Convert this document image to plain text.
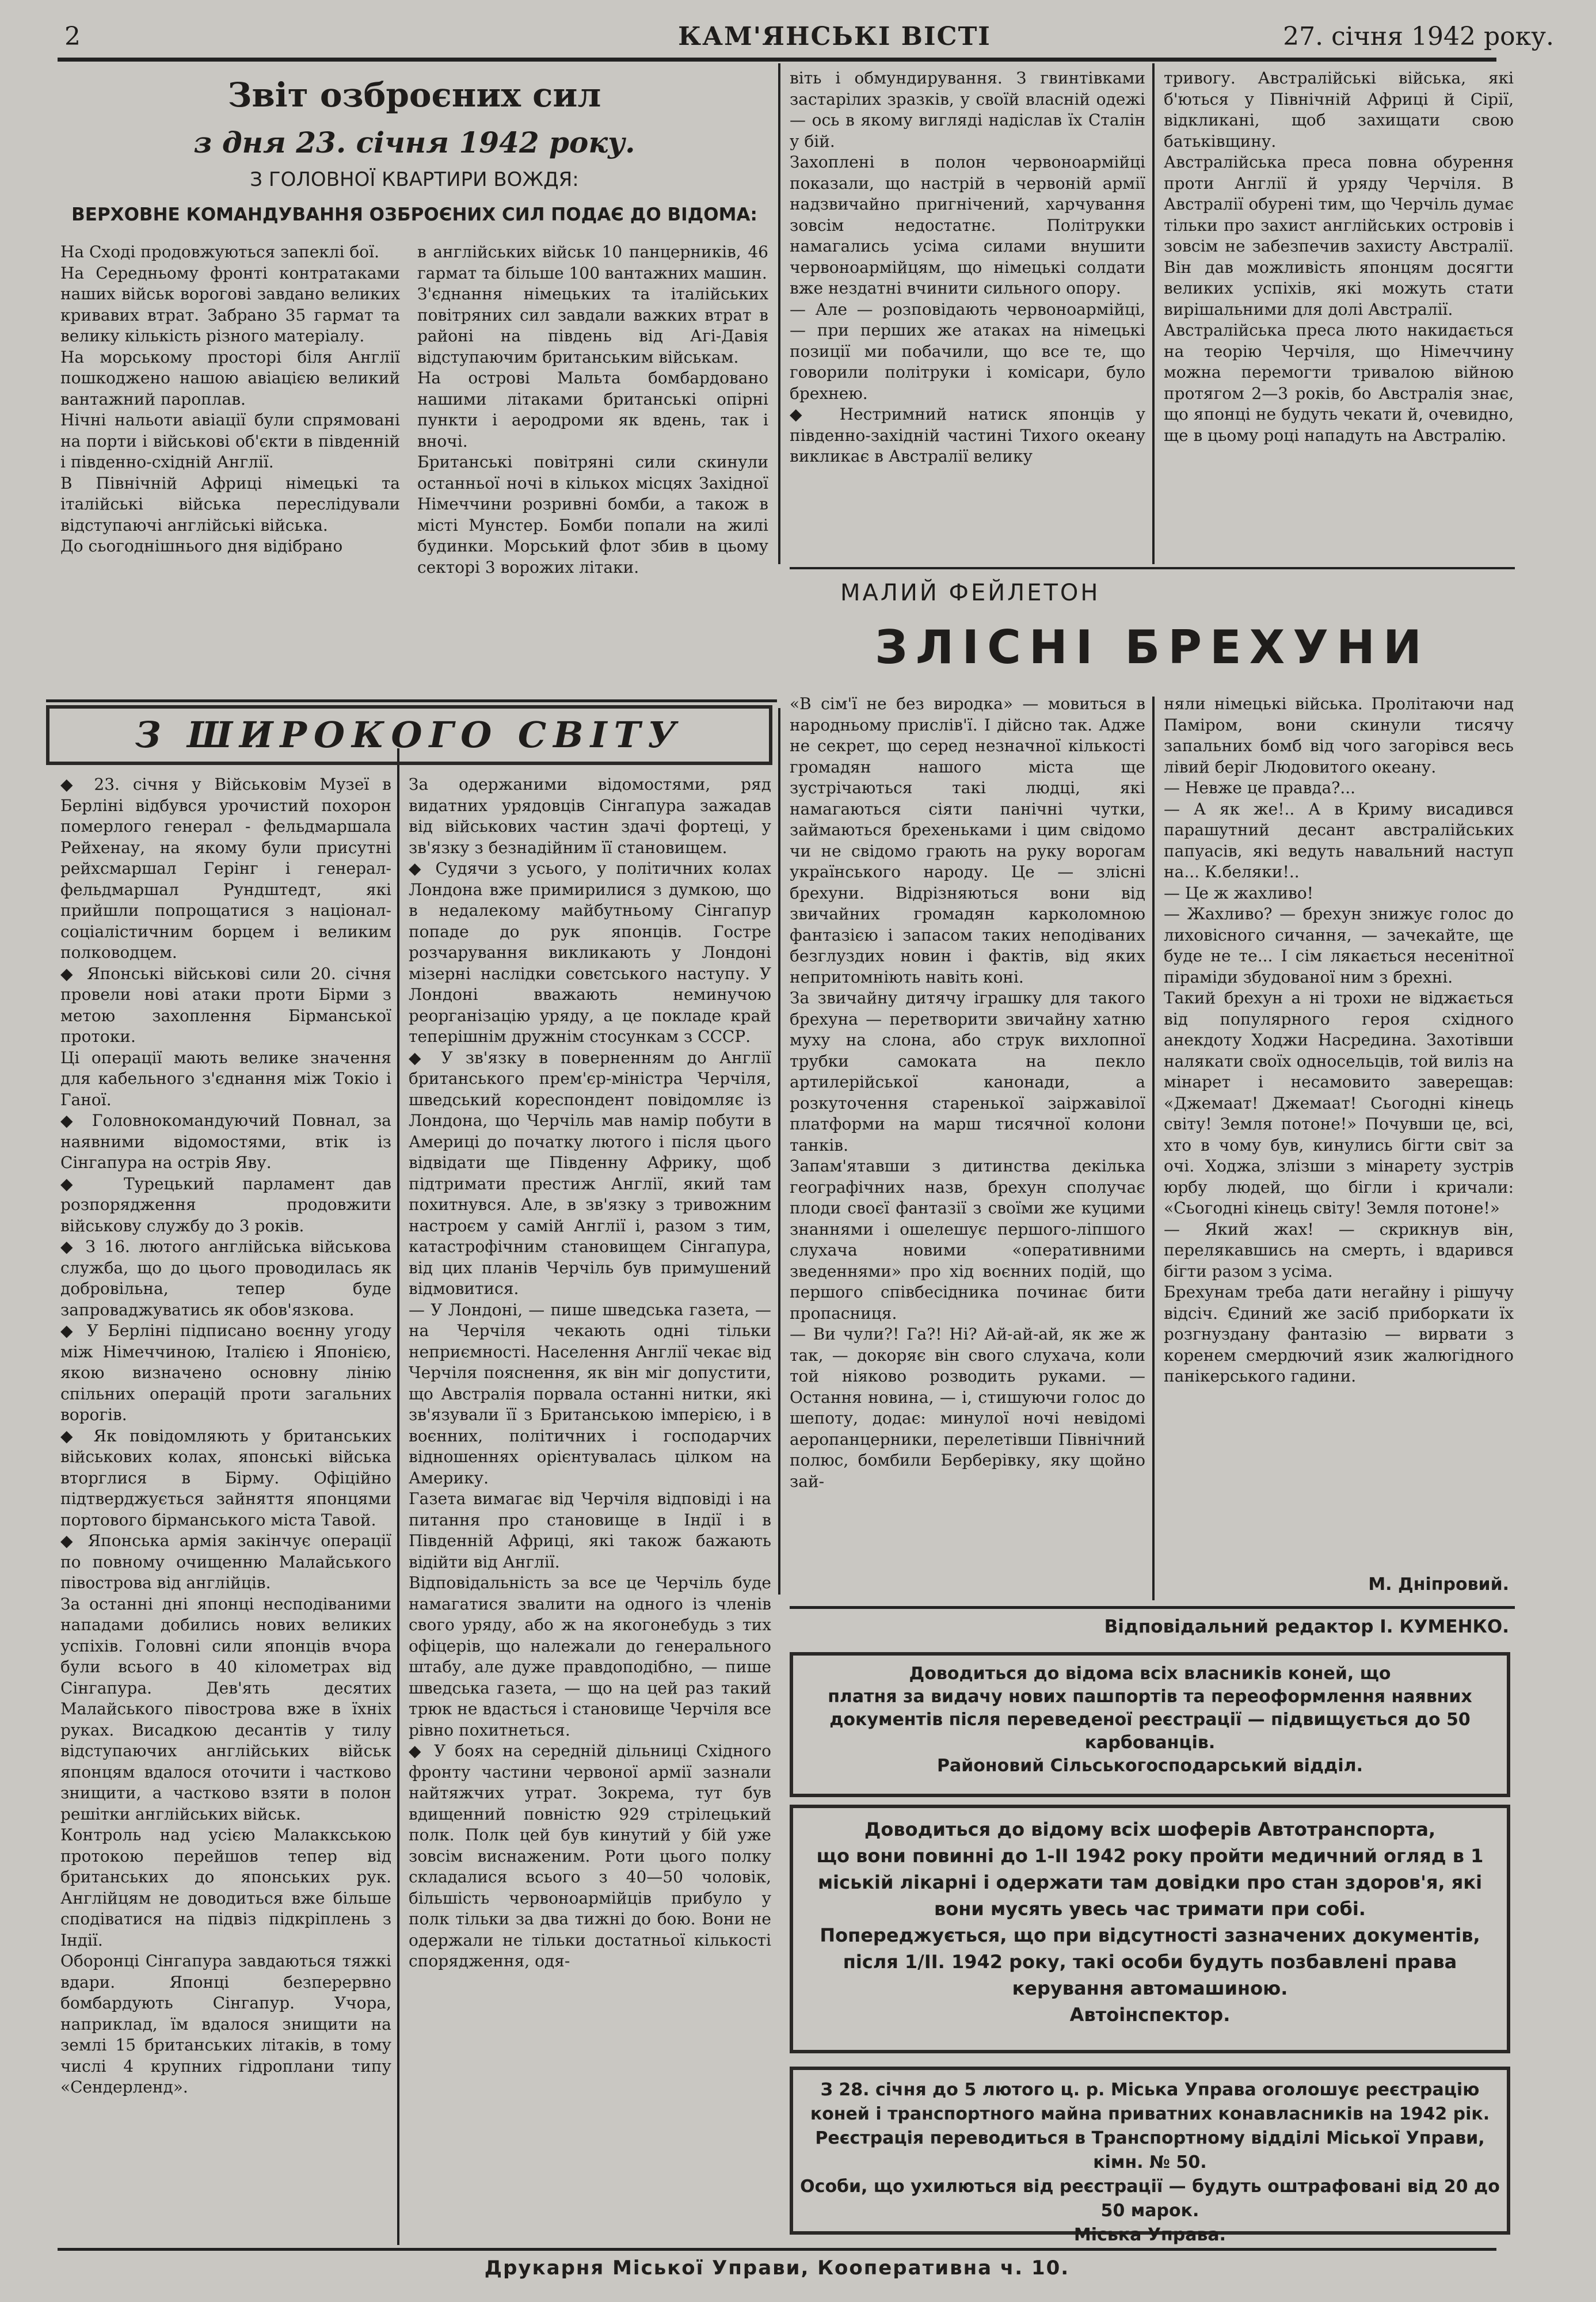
2	КАМ'ЯНСЬКІ ВІСТІ	27. січня 1942 року.
Звіт озброєних сил
з дня 23. січня 1942 року.
З ГОЛОВНОЇ КВАРТИРИ ВОЖДЯ:
ВЕРХОВНЕ КОМАНДУВАННЯ ОЗБРОЄНИХ СИЛ ПОДАЄ ДО ВІДОМА:
На Сході продовжуються запеклі бої.
На Середньому фронті контратаками наших військ ворогові завдано великих кривавих втрат. Забрано 35 гармат та велику кількість різного матеріалу.
На морському просторі біля Англії пошкоджено нашою авіацією великий вантажний пароплав.
Нічні нальоти авіації були спрямовані на порти і військові об'єкти в південній і південно-східній Англії.
В Північній Африці німецькі та італійські війська переслідували відступаючі англійські війська.
До сьогоднішнього дня відібрано
в англійських військ 10 панцерників, 46 гармат та більше 100 вантажних машин.
З'єднання німецьких та італійських повітряних сил завдали важких втрат в районі на південь від Агі-Давія відступаючим британським військам.
На острові Мальта бомбардовано нашими літаками британські опірні пункти і аеродроми як вдень, так і вночі.
Британські повітряні сили скинули останньої ночі в кількох місцях Західної Німеччини розривні бомби, а також в місті Мунстер. Бомби попали на жилі будинки. Морський флот збив в цьому секторі 3 ворожих літаки.
віть і обмундирування. З гвинтівками застарілих зразків, у своїй власній одежі — ось в якому вигляді надіслав їх Сталін у бій.
Захоплені в полон червоноармійці показали, що настрій в червоній армії надзвичайно пригнічений, харчування зовсім недостатнє. Політрукки намагались усіма силами внушити червоноармійцям, що німецькі солдати вже нездатні вчинити сильного опору.
— Але — розповідають червоноармійці, — при перших же атаках на німецькі позиції ми побачили, що все те, що говорили політруки і комісари, було брехнею.
◆ Нестримний натиск японців у південно-західній частині Тихого океану викликає в Австралії велику
тривогу. Австралійські війська, які б'ються у Північній Африці й Сірії, відкликані, щоб захищати свою батьківщину.
Австралійська преса повна обурення проти Англії й уряду Черчіля. В Австралії обурені тим, що Черчіль думає тільки про захист англійських островів і зовсім не забезпечив захисту Австралії. Він дав можливість японцям досягти великих успіхів, які можуть стати вирішальними для долі Австралії.
Австралійська преса люто накидається на теорію Черчіля, що Німеччину можна перемогти тривалою війною протягом 2—3 років, бо Австралія знає, що японці не будуть чекати й, очевидно, ще в цьому році нападуть на Австралію.
З ШИРОКОГО СВІТУ
◆ 23. січня у Військовім Музеї в Берліні відбувся урочистий похорон померлого генерал - фельдмаршала Рейхенау, на якому були присутні рейхсмаршал Герінг і генерал-фельдмаршал Рундштедт, які прийшли попрощатися з націонал-соціалістичним борцем і великим полководцем.
◆ Японські військові сили 20. січня провели нові атаки проти Бірми з метою захоплення Бірманської протоки.
Ці операції мають велике значення для кабельного з'єднання між Токіо і Ганої.
◆ Головнокомандуючий Повнал, за наявними відомостями, втік із Сінгапура на острів Яву.
◆ Турецький парламент дав розпорядження продовжити військову службу до 3 років.
◆ З 16. лютого англійська військова служба, що до цього проводилась як добровільна, тепер буде запроваджуватись як обов'язкова.
◆ У Берліні підписано воєнну угоду між Німеччиною, Італією і Японією, якою визначено основну лінію спільних операцій проти загальних ворогів.
◆ Як повідомляють у британських військових колах, японські війська вторглися в Бірму. Офіційно підтверджується зайняття японцями портового бірманського міста Тавой.
◆ Японська армія закінчує операції по повному очищенню Малайського півострова від англійців.
За останні дні японці несподіваними нападами добились нових великих успіхів. Головні сили японців вчора були всього в 40 кілометрах від Сінгапура. Дев'ять десятих Малайського півострова вже в їхніх руках. Висадкою десантів у тилу відступаючих англійських військ японцям вдалося оточити і частково знищити, а частково взяти в полон решітки англійських військ.
Контроль над усією Малаккською протокою перейшов тепер від британських до японських рук. Англійцям не доводиться вже більше сподіватися на підвіз підкріплень з Індії.
Оборонці Сінгапура завдаються тяжкі вдари. Японці безперервно бомбардують Сінгапур. Учора, наприклад, їм вдалося знищити на землі 15 британських літаків, в тому числі 4 крупних гідроплани типу «Сендерленд».
За одержаними відомостями, ряд видатних урядовців Сінгапура зажадав від військових частин здачі фортеці, у зв'язку з безнадійним її становищем.
◆ Судячи з усього, у політичних колах Лондона вже примирилися з думкою, що в недалекому майбутньому Сінгапур попаде до рук японців. Гостре розчарування викликають у Лондоні мізерні наслідки совєтського наступу. У Лондоні вважають неминучою реорганізацію уряду, а це покладе край теперішнім дружнім стосункам з СССР.
◆ У зв'язку в поверненням до Англії британського прем'єр-міністра Черчіля, шведський кореспондент повідомляє із Лондона, що Черчіль мав намір побути в Америці до початку лютого і після цього відвідати ще Південну Африку, щоб підтримати престиж Англії, який там похитнувся. Але, в зв'язку з тривожним настроєм у самій Англії і, разом з тим, катастрофічним становищем Сінгапура, від цих планів Черчіль був примушений відмовитися.
— У Лондоні, — пише шведська газета, — на Черчіля чекають одні тільки неприємності. Населення Англії чекає від Черчіля пояснення, як він міг допустити, що Австралія порвала останні нитки, які зв'язували її з Британською імперією, і в воєнних, політичних і господарчих відношеннях орієнтувалась цілком на Америку.
Газета вимагає від Черчіля відповіді і на питання про становище в Індії і в Південній Африці, які також бажають відійти від Англії.
Відповідальність за все це Черчіль буде намагатися звалити на одного із членів свого уряду, або ж на якогонебудь з тих офіцерів, що належали до генерального штабу, але дуже правдоподібно, — пише шведська газета, — що на цей раз такий трюк не вдасться і становище Черчіля все рівно похитнеться.
◆ У боях на середній дільниці Східного фронту частини червоної армії зазнали найтяжчих утрат. Зокрема, тут був вдищенний повністю 929 стрілецький полк. Полк цей був кинутий у бій уже зовсім виснаженим. Роти цього полку складалися всього з 40—50 чоловік, більшість червоноармійців прибуло у полк тільки за два тижні до бою. Вони не одержали не тільки достатньої кількості спорядження, одя-
МАЛИЙ ФЕЙЛЕТОН
ЗЛІСНІ БРЕХУНИ
«В сім'ї не без виродка» — мовиться в народньому прислів'ї. І дійсно так. Адже не секрет, що серед незначної кількості громадян нашого міста ще зустрічаються такі людці, які намагаються сіяти панічні чутки, займаються брехеньками і цим свідомо чи не свідомо грають на руку ворогам українського народу. Це — злісні брехуни. Відрізняються вони від звичайних громадян карколомною фантазією і запасом таких неподіваних безглуздих новин і фактів, від яких непритомніють навіть коні.
За звичайну дитячу іграшку для такого брехуна — перетворити звичайну хатню муху на слона, або струк вихлопної трубки самоката на пекло артилерійської канонади, а розкуточення старенької заіржавілої платформи на марш тисячної колони танків.
Запам'ятавши з дитинства декілька географічних назв, брехун сполучає плоди своєї фантазії з своїми же куцими знаннями і ошелешує першого-ліпшого слухача новими «оперативними зведеннями» про хід воєнних подій, що першого співбесідника починає бити пропасниця.
— Ви чули?! Га?! Ні? Ай-ай-ай, як же ж так, — докоряє він свого слухача, коли той ніяково розводить руками. — Остання новина, — і, стишуючи голос до шепоту, додає: минулої ночі невідомі аеропанцерники, перелетівши Північний полюс, бомбили Берберівку, яку щойно зай-
няли німецькі війська. Пролітаючи над Паміром, вони скинули тисячу запальних бомб від чого загорівся весь лівий беріг Людовитого океану.
— Невже це правда?...
— А як же!.. А в Криму висадився парашутний десант австралійських папуасів, які ведуть навальний наступ на... К.беляки!..
— Це ж жахливо!
— Жахливо? — брехун знижує голос до лиховісного сичання, — зачекайте, ще буде не те... І сім лякається несенітної піраміди збудованої ним з брехні.
Такий брехун а ні трохи не віджається від популярного героя східного анекдоту Ходжи Насредина. Захотівши налякати своїх односельців, той виліз на мінарет і несамовито заверещав: «Джемаат! Джемаат! Сьогодні кінець світу! Земля потоне!» Почувши це, всі, хто в чому був, кинулись бігти світ за очі. Ходжа, злізши з мінарету зустрів юрбу людей, що бігли і кричали: «Сьогодні кінець світу! Земля потоне!»
— Який жах! — скрикнув він, перелякавшись на смерть, і вдарився бігти разом з усіма.
Брехунам треба дати негайну і рішучу відсіч. Єдиний же засіб приборкати їх розгнуздану фантазію — вирвати з коренем смердючий язик жалюгідного панікерського гадини.
М. Дніпровий.
Відповідальний редактор І. КУМЕНКО.
Доводиться до відома всіх власників коней, що
платня за видачу нових пашпортів та переоформлення наявних документів після переведеної реєстрації — підвищується до 50 карбованців.
Районовий Сільськогосподарський відділ.
Доводиться до відому всіх шоферів Автотранспорта,
що вони повинні до 1-II 1942 року пройти медичний огляд в 1 міській лікарні і одержати там довідки про стан здоров'я, які вони мусять увесь час тримати при собі.
Попереджується, що при відсутності зазначених документів, після 1/II. 1942 року, такі особи будуть позбавлені права керування автомашиною.
Автоінспектор.
З 28. січня до 5 лютого ц. р. Міська Управа оголошує реєстрацію коней і транспортного майна приватних конавласників на 1942 рік.
Реєстрація переводиться в Транспортному відділі Міської Управи, кімн. № 50.
Особи, що ухилються від реєстрації — будуть оштрафовані від 20 до 50 марок.
Міська Управа.
Друкарня Міської Управи, Кооперативна ч. 10.
